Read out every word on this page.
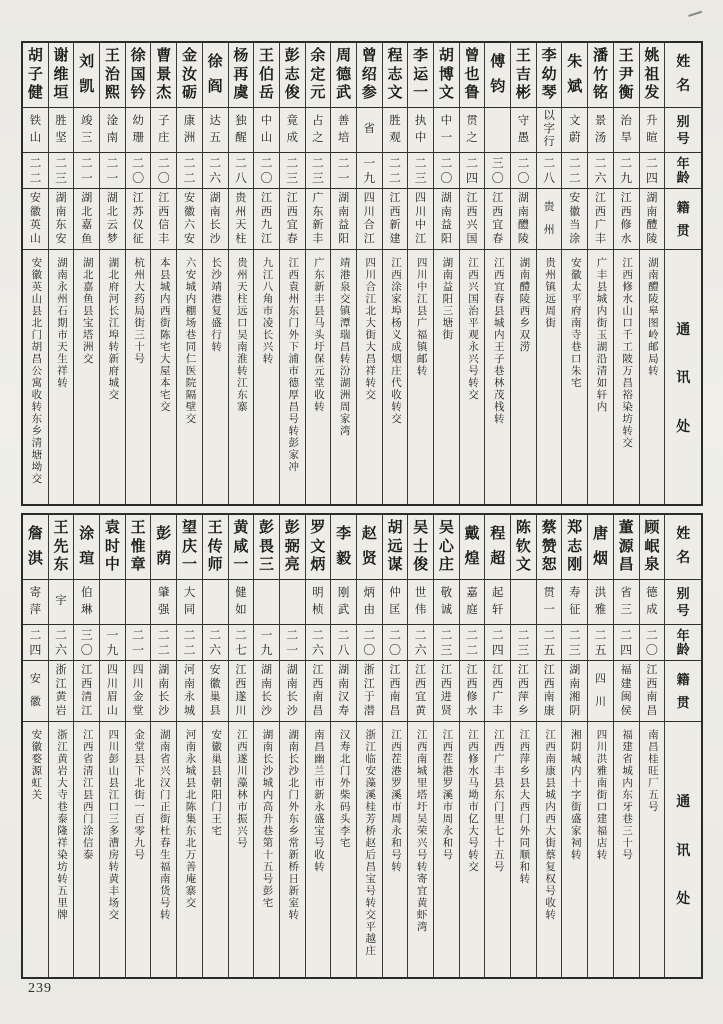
胡
子
健
铁
山
二
二
安
徽
英
山
安徽英山县北门胡昌公寓收转东乡清塘坳交
谢
维
垣
胜
坚
二
三
湖
南
东
安
湖南永州石期市天生祥转
刘
凯
竣
三
二
一
湖
北
嘉
鱼
湖北嘉鱼县宝塔洲交
王
治
熙
淦
南
二
一
湖
北
云
梦
湖北府河长江埠转新府城交
徐
国
钤
幼
珊
二
〇
江
苏
仪
征
杭州大药局街三十号
曹
景
杰
子
庄
二
〇
江
西
信
丰
本县城内西街陈宅大屋本宅交
金
汝
砺
康
洲
二
二
安
徽
六
安
六安城内棚场巷同仁医院隔壁交
徐
阎
达
五
二
六
湖
南
长
沙
长沙靖港复盛行转
杨
再
虞
独
醒
二
八
贵
州
天
柱
贵州天柱远口吴南淮转江东寨
王
伯
岳
中
山
二
〇
江
西
九
江
九江八角市凌长兴转
彭
志
俊
竟
成
二
三
江
西
宜
春
江西袁州东门外下浦市德厚昌号转彭家冲
余
定
元
占
之
二
三
广
东
新
丰
广东新丰县马头圩保元堂收转
周
德
武
善
培
二
一
湖
南
益
阳
靖港泉交镇潭瑞昌转汾湖洲周家湾
曾
绍
参
省
一
九
四
川
合
江
四川合江北大街大昌祥转交
程
志
文
胜
观
二
二
江
西
新
建
江西涂家埠杨义成烟庄代收转交
李
运
一
执
中
二
三
四
川
中
江
四川中江县广福镇邮转
胡
博
文
中
一
二
〇
湖
南
益
阳
湖南益阳三塘街
曾
也
鲁
贯
之
二
四
江
西
兴
国
江西兴国治平观永兴号转交
傅
钧
三
〇
江
西
宜
春
江西宜春县城内王子巷林茂栈转
王
吉
彬
守
愚
二
〇
湖
南
醴
陵
湖南醴陵西乡双涝
李
幼
琴
以
字
行
二
八
贵
州
贵州镇远周街
朱
斌
文
蔚
二
二
安
徽
当
涂
安徽太平府南寺巷口朱宅
潘
竹
铭
景
汤
二
六
江
西
广
丰
广丰县城内街玉湖沿清如轩内
王
尹
衡
治
旱
二
九
江
西
修
水
江西修水山口千工陂万昌裕染坊转交
姚
祖
发
升
暄
二
四
湖
南
醴
陵
湖南醴陵皋图岭邮局转
姓
名
别
号
年
龄
籍
贯
通
讯
处
詹
淇
寄
萍
二
四
安
徽
安徽婺源虹关
王
先
东
宇
二
六
浙
江
黄
岩
浙江黄岩大寺巷泰隆祥染坊转五里牌
涂
瑄
伯
琳
三
〇
江
西
清
江
江西省清江县西门涂信泰
袁
时
中
一
九
四
川
眉
山
四川彭山县江口三多漕房转黄丰场交
王
惟
章
二
一
四
川
金
堂
金堂县下北街一百零九号
彭
荫
肇
强
二
二
湖
南
长
沙
湖南省兴汉门正街杜春生福南货号转
望
庆
一
大
同
二
二
河
南
永
城
河南永城县北陈集东北万善庵寨交
王
传
师
二
六
安
徽
巢
县
安徽巢县朝阳门王宅
黄
咸
一
健
如
二
七
江
西
遂
川
江西遂川藻林市振兴号
彭
畏
三
一
九
湖
南
长
沙
湖南长沙城内高升巷第十五号彭宅
彭
弼
亮
二
一
湖
南
长
沙
湖南长沙北门外东乡常新桥日新室转
罗
文
炳
明
桢
二
六
江
西
南
昌
南昌幽兰市新永盛宝号收转
李
毅
刚
武
二
八
湖
南
汉
寿
汉寿北门外柴码头李宅
赵
贤
炳
由
二
〇
浙
江
于
潜
浙江临安藻溪桂芳桥赵后昌宝号转交平越庄
胡
远
谋
仲
匡
二
〇
江
西
南
昌
江西茬港罗溪市周永和号转
吴
士
俊
世
伟
二
六
江
西
宜
黄
江西南城里塔圩吴荣兴号转寄宜黄虾湾
吴
心
庄
敬
诚
二
三
江
西
进
贤
江西茬港罗溪市周永和号
戴
煌
嘉
庭
二
二
江
西
修
水
江西修水马坳市亿大号转交
程
超
起
轩
二
四
江
西
广
丰
江西广丰县东门里七十五号
陈
钦
文
二
三
江
西
萍
乡
江西萍乡县大西门外同顺和转
蔡
赞
恕
贯
一
二
五
江
西
南
康
江西南康县城内西大街蔡复权号收转
郑
志
刚
寿
征
二
三
湖
南
湘
阴
湘阴城内十字街盛家祠转
唐
烟
洪
雅
二
五
四
川
四川洪雅南街口建福店转
董
源
昌
省
三
二
四
福
建
闽
侯
福建省城内东牙巷三十号
顾
岷
泉
德
成
二
〇
江
西
南
昌
南昌桂旺厂五号
姓
名
别
号
年
龄
籍
贯
通
讯
处
239
